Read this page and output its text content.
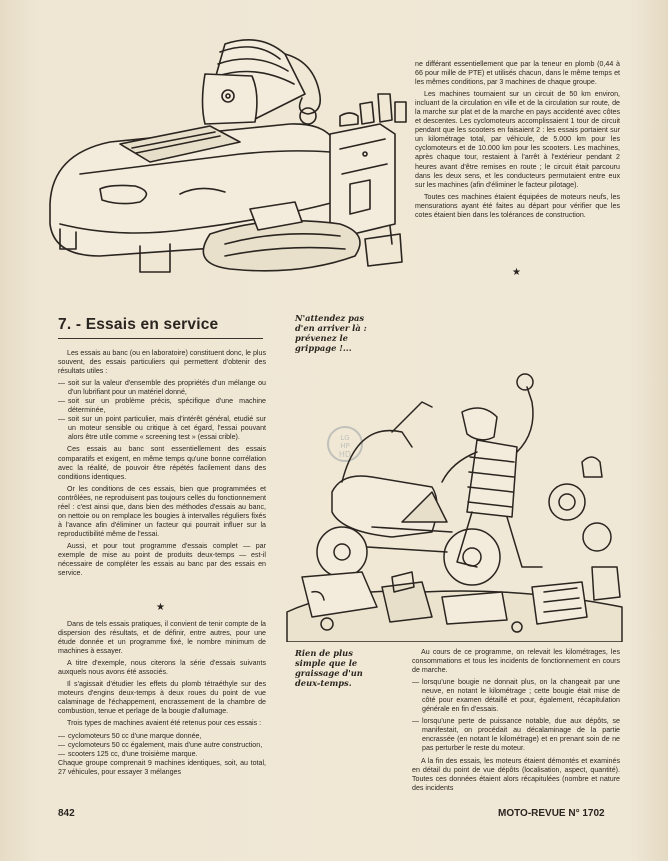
ne différant essentiellement que par la teneur en plomb (0,44 à 66 pour mille de PTE) et utilisés chacun, dans le même temps et les mêmes conditions, par 3 machines de chaque groupe.

Les machines tournaient sur un circuit de 50 km environ, incluant de la circulation en ville et de la circulation sur route, de la marche sur plat et de la marche en pays accidenté avec côtes et descentes. Les cyclomoteurs accomplissaient 1 tour de circuit pendant que les scooters en faisaient 2 : les essais portaient sur un kilométrage total, par véhicule, de 5.000 km pour les cyclomoteurs et de 10.000 km pour les scooters. Les machines, après chaque tour, restaient à l'arrêt à l'extérieur pendant 2 heures avant d'être remises en route ; le circuit était parcouru dans les deux sens, et les conducteurs permutaient entre eux sur les machines (afin d'éliminer le facteur pilotage).

Toutes ces machines étaient équipées de moteurs neufs, les mensurations ayant été faites au départ pour vérifier que les cotes étaient bien dans les tolérances de construction.

★
7. - Essais en service	N'attendez pas d'en arriver là : prévenez le grippage !...

Les essais au banc (ou en laboratoire) constituent donc, le plus souvent, des essais particuliers qui permettent d'obtenir des résultats utiles :

— soit sur la valeur d'ensemble des propriétés d'un mélange ou d'un lubrifiant pour un matériel donné,
— soit sur un problème précis, spécifique d'une machine déterminée,
— soit sur un point particulier, mais d'intérêt général, etudié sur un moteur sensible ou critique à cet égard, l'essai pouvant alors être utile comme « screening test » (essai crible).

Ces essais au banc sont essentiellement des essais comparatifs et exigent, en même temps qu'une bonne corrélation avec la réalité, de pouvoir être répétés facilement dans des conditions identiques.

Or les conditions de ces essais, bien que programmées et contrôlées, ne reproduisent pas toujours celles du fonctionnement réel : c'est ainsi que, dans bien des méthodes d'essais au banc, on nettoie ou on remplace les bougies à intervalles réguliers fixés à l'avance afin d'éliminer un facteur qui pourrait influer sur la reproductibilité même de l'essai.

Aussi, et pour tout programme d'essais complet — par exemple de mise au point de produits deux-temps — est-il nécessaire de compléter les essais au banc par des essais en service.

★

Dans de tels essais pratiques, il convient de tenir compte de la dispersion des résultats, et de définir, entre autres, pour une étude donnée et un programme fixé, le nombre minimum de machines à essayer.

A titre d'exemple, nous citerons la série d'essais suivants auxquels nous avons été associés.

Il s'agissait d'étudier les effets du plomb tétraéthyle sur des moteurs d'engins deux-temps à deux roues du point de vue calaminage de l'échappement, encrassement de la chambre de combustion, tenue et perlage de la bougie d'allumage.

Trois types de machines avaient été retenus pour ces essais :

— cyclomoteurs 50 cc d'une marque donnée,
— cyclomoteurs 50 cc également, mais d'une autre construction,
— scooters 125 cc, d'une troisième marque.

Chaque groupe comprenait 9 machines identiques, soit, au total, 27 véhicules, pour essayer 3 mélanges

LG
HP
HD
Rien de plus simple que le graissage d'un deux-temps.

Au cours de ce programme, on relevait les kilométrages, les consommations et tous les incidents de fonctionnement en cours de marche.

— lorsqu'une bougie ne donnait plus, on la changeait par une neuve, en notant le kilométrage ; cette bougie était mise de côté pour examen détaillé et pour, également, récapitulation générale en fin d'essais.
— lorsqu'une perte de puissance notable, due aux dépôts, se manifestait, on procédait au décalaminage de la partie encrassée (en notant le kilométrage) et en prenant soin de ne pas perturber le reste du moteur.

A la fin des essais, les moteurs étaient démontés et examinés en détail du point de vue dépôts (localisation, aspect, quantité). Toutes ces données étaient alors récapitulées (nombre et nature des incidents

842	MOTO-REVUE N° 1702
